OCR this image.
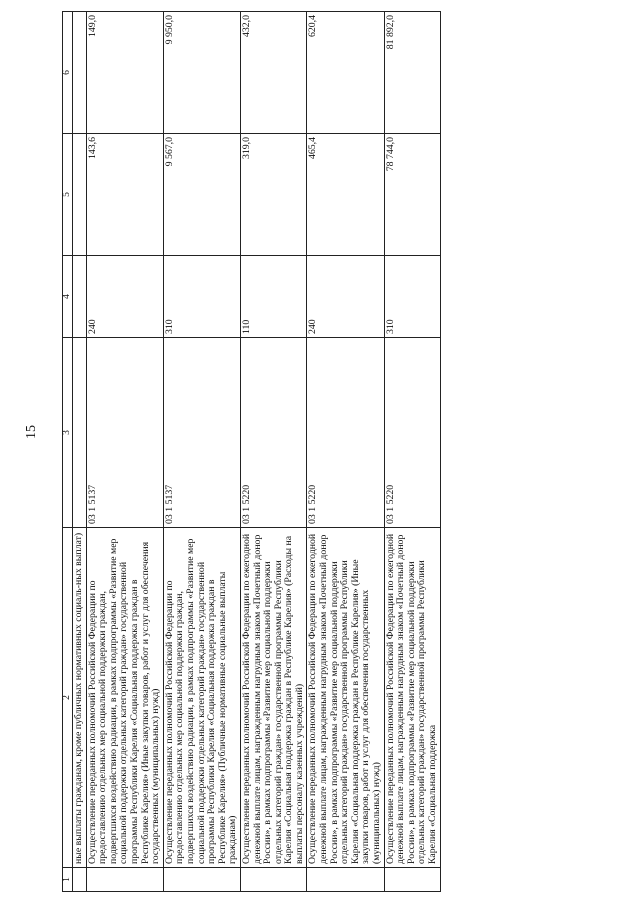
15
1	2	3	4	5	6
	ные выплаты гражданам, кроме публичных нормативных социаль-ных выплат)				
	Осуществление переданных полномочий Российской Федерации по предоставлению отдельных мер социальной поддержки граждан, подвергшихся воздействию радиации, в рамках подпрограммы «Развитие мер социальной поддержки отдельных категорий граждан» государственной программы Республики Карелия «Социальная поддержка граждан в Республике Карелия» (Иные закупки товаров, работ и услуг для обеспечения государственных (муниципальных) нужд)	03 1 5137	240	143,6	149,0
	Осуществление переданных полномочий Российской Федерации по предоставлению отдельных мер социальной поддержки граждан, подвергшихся воздействию радиации, в рамках подпрограммы «Развитие мер социальной поддержки отдельных категорий граждан» государственной программы Республики Карелия «Социальная поддержка граждан в Республике Карелия» (Публичные нормативные социальные выплаты гражданам)	03 1 5137	310	9 567,0	9 950,0
	Осуществление переданных полномочий Российской Федерации по ежегодной денежной выплате лицам, награжденным нагрудным знаком «Почетный донор России», в рамках подпрограммы «Развитие мер социальной поддержки отдельных категорий граждан» государственной программы Республики Карелия «Социальная поддержка граждан в Республике Карелия» (Расходы на выплаты персоналу казенных учреждений)	03 1 5220	110	319,0	432,0
	Осуществление переданных полномочий Российской Федерации по ежегодной денежной выплате лицам, награжденным нагрудным знаком «Почетный донор России», в рамках подпрограммы «Развитие мер социальной поддержки отдельных категорий граждан» государственной программы Республики Карелия «Социальная поддержка граждан в Республике Карелия» (Иные закупки товаров, работ и услуг для обеспечения государственных (муниципальных) нужд)	03 1 5220	240	465,4	620,4
	Осуществление переданных полномочий Российской Федерации по ежегодной денежной выплате лицам, награжденным нагрудным знаком «Почетный донор России», в рамках подпрограммы «Развитие мер социальной поддержки отдельных категорий граждан» государственной программы Республики Карелия «Социальная поддержка	03 1 5220	310	78 744,0	81 892,0
